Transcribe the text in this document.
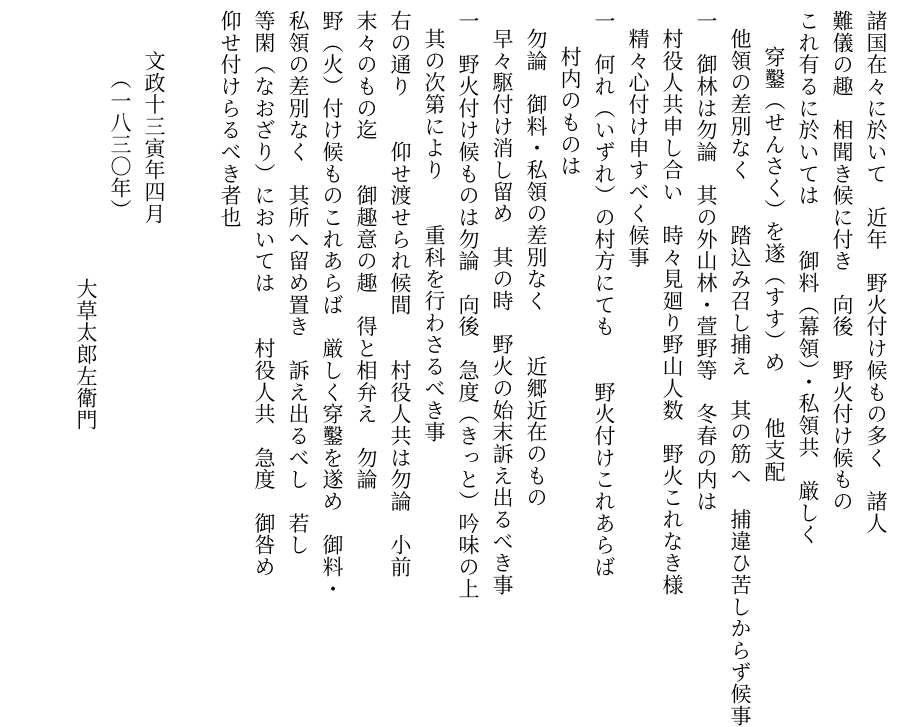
諸国在々に於いて　近年　野火付け候もの多く　諸人
難儀の趣　相聞き候に付き　向後　野火付け候もの
これ有るに於いては　　御料（幕領）・私領共　厳しく
穿鑿（せんさく）を遂（すす）め　　他支配
他領の差別なく　　踏込み召し捕え　其の筋へ　捕違ひ苦しからず候事
一　御林は勿論　其の外山林・萱野等　冬春の内は
村役人共申し合い　時々見廻り野山人数　野火これなき様
精々心付け申すべく候事
一　何れ（いずれ）の村方にても　　野火付けこれあらば
村内のものは
勿論　御料・私領の差別なく　　近郷近在のもの
早々駆付け消し留め　其の時　野火の始末訴え出るべき事
一　野火付け候ものは勿論　向後　急度（きっと）吟味の上
其の次第により　　重科を行わさるべき事
右の通り　　仰せ渡せられ候間　　村役人共は勿論　小前
末々のもの迄　　御趣意の趣　得と相弁え　勿論
野（火）付け候ものこれあらば　厳しく穿鑿を遂め　御料・
私領の差別なく　其所へ留め置き　訴え出るべし　若し
等閑（なおざり）においては　　村役人共　急度　御咎め
仰せ付けらるべき者也
文政十三寅年四月
（一八三〇年）
大草太郎左衛門
